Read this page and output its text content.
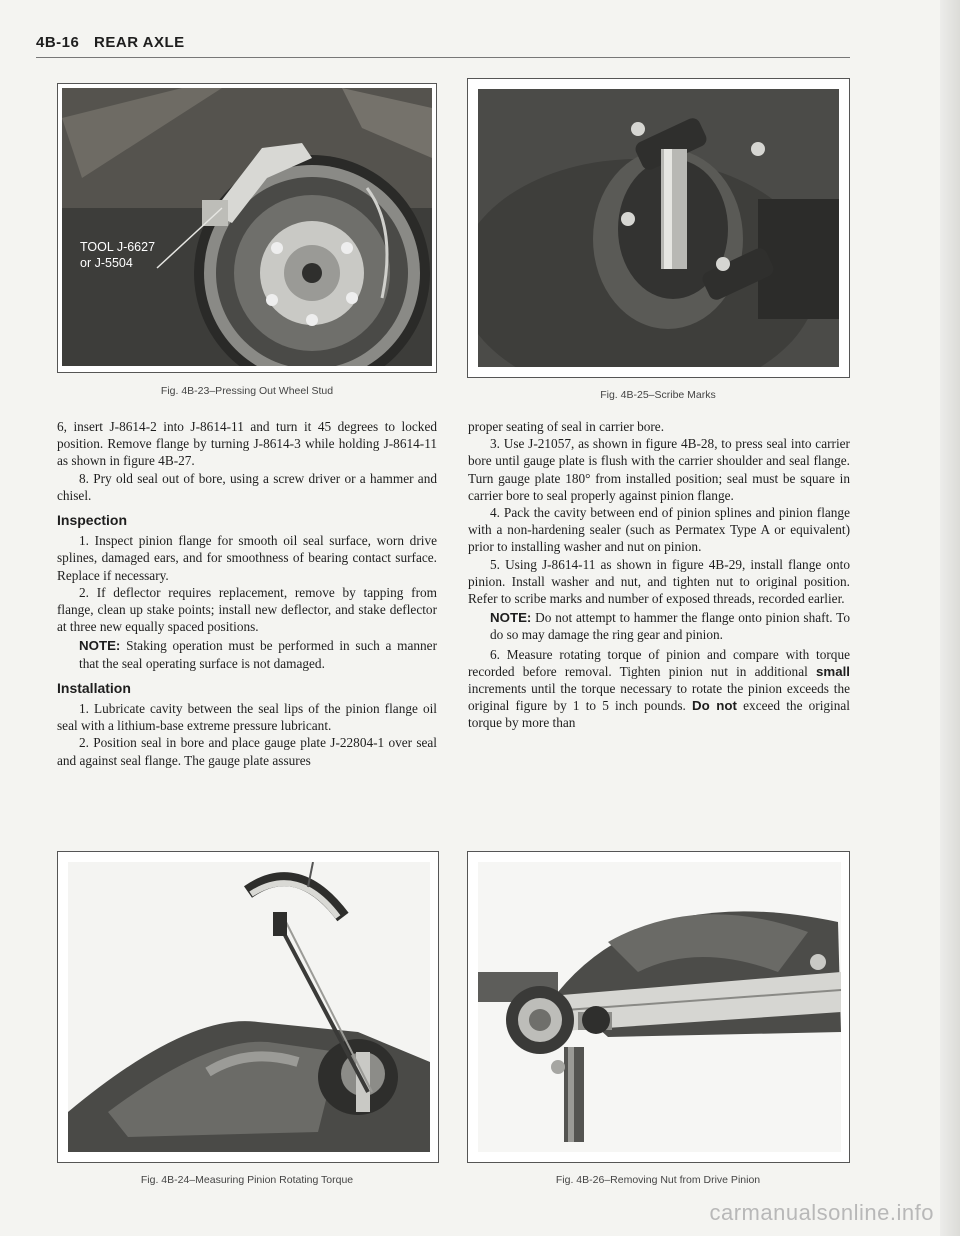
4B-16 REAR AXLE
TOOL J-6627
or J-5504
Fig. 4B-23–Pressing Out Wheel Stud	Fig. 4B-25–Scribe Marks

6, insert J-8614-2 into J-8614-11 and turn it 45 degrees to locked position. Remove flange by turning J-8614-3 while holding J-8614-11 as shown in figure 4B-27.

8. Pry old seal out of bore, using a screw driver or a hammer and chisel.

Inspection

1. Inspect pinion flange for smooth oil seal surface, worn drive splines, damaged ears, and for smoothness of bearing contact surface. Replace if necessary.

2. If deflector requires replacement, remove by tapping from flange, clean up stake points; install new deflector, and stake deflector at three new equally spaced positions.

NOTE: Staking operation must be performed in such a manner that the seal operating surface is not damaged.

Installation

1. Lubricate cavity between the seal lips of the pinion flange oil seal with a lithium-base extreme pressure lubricant.

2. Position seal in bore and place gauge plate J-22804-1 over seal and against seal flange. The gauge plate assures

proper seating of seal in carrier bore.

3. Use J-21057, as shown in figure 4B-28, to press seal into carrier bore until gauge plate is flush with the carrier shoulder and seal flange. Turn gauge plate 180° from installed position; seal must be square in carrier bore to seal properly against pinion flange.

4. Pack the cavity between end of pinion splines and pinion flange with a non-hardening sealer (such as Permatex Type A or equivalent) prior to installing washer and nut on pinion.

5. Using J-8614-11 as shown in figure 4B-29, install flange onto pinion. Install washer and nut, and tighten nut to original position. Refer to scribe marks and number of exposed threads, recorded earlier.

NOTE: Do not attempt to hammer the flange onto pinion shaft. To do so may damage the ring gear and pinion.

6. Measure rotating torque of pinion and compare with torque recorded before removal. Tighten pinion nut in additional small increments until the torque necessary to rotate the pinion exceeds the original figure by 1 to 5 inch pounds. Do not exceed the original torque by more than

Fig. 4B-24–Measuring Pinion Rotating Torque	Fig. 4B-26–Removing Nut from Drive Pinion
carmanualsonline.info
